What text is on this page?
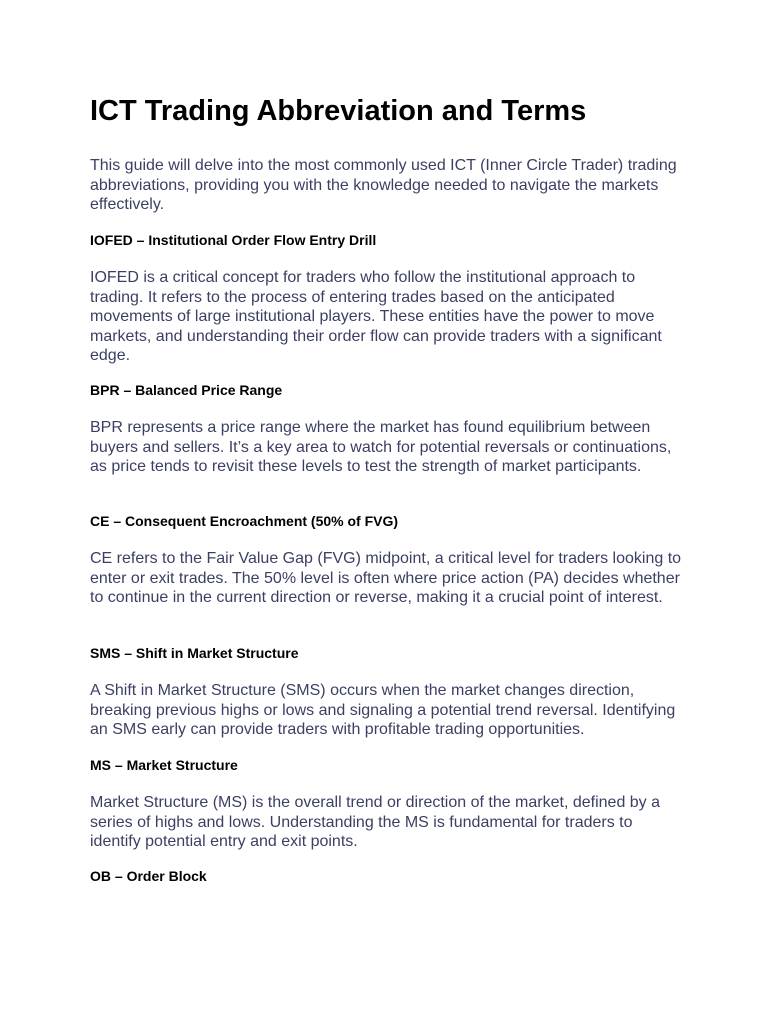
ICT Trading Abbreviation and Terms

This guide will delve into the most commonly used ICT (Inner Circle Trader) trading abbreviations, providing you with the knowledge needed to navigate the markets effectively.

IOFED – Institutional Order Flow Entry Drill

IOFED is a critical concept for traders who follow the institutional approach to trading. It refers to the process of entering trades based on the anticipated movements of large institutional players. These entities have the power to move markets, and understanding their order flow can provide traders with a significant edge.

BPR – Balanced Price Range

BPR represents a price range where the market has found equilibrium between buyers and sellers. It’s a key area to watch for potential reversals or continuations, as price tends to revisit these levels to test the strength of market participants.

CE – Consequent Encroachment (50% of FVG)

CE refers to the Fair Value Gap (FVG) midpoint, a critical level for traders looking to enter or exit trades. The 50% level is often where price action (PA) decides whether to continue in the current direction or reverse, making it a crucial point of interest.

SMS – Shift in Market Structure

A Shift in Market Structure (SMS) occurs when the market changes direction, breaking previous highs or lows and signaling a potential trend reversal. Identifying an SMS early can provide traders with profitable trading opportunities.

MS – Market Structure

Market Structure (MS) is the overall trend or direction of the market, defined by a series of highs and lows. Understanding the MS is fundamental for traders to identify potential entry and exit points.

OB – Order Block
